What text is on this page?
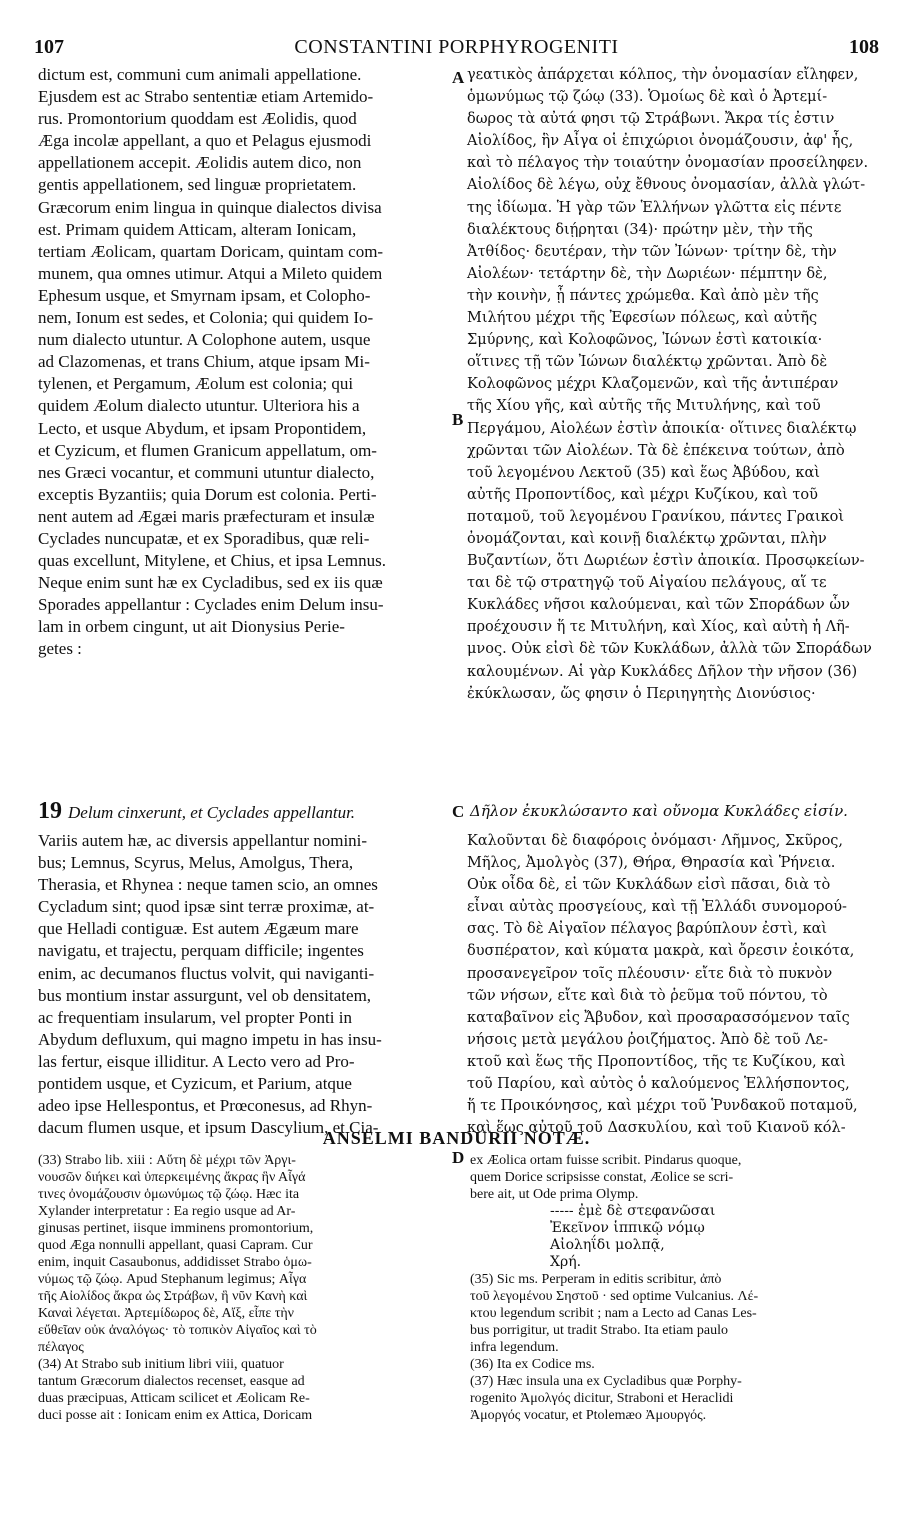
107	CONSTANTINI PORPHYROGENITI	108
A
B
C
D

dictum est, communi cum animali appellatione.

Ejusdem est ac Strabo sententiæ etiam Artemido-

rus. Promontorium quoddam est Æolidis, quod

Æga incolæ appellant, a quo et Pelagus ejusmodi

appellationem accepit. Æolidis autem dico, non

gentis appellationem, sed linguæ proprietatem.

Græcorum enim lingua in quinque dialectos divisa

est. Primam quidem Atticam, alteram Ionicam,

tertiam Æolicam, quartam Doricam, quintam com-

munem, qua omnes utimur. Atqui a Mileto quidem

Ephesum usque, et Smyrnam ipsam, et Colopho-

nem, Ionum est sedes, et Colonia; qui quidem Io-

num dialecto utuntur. A Colophone autem, usque

ad Clazomenas, et trans Chium, atque ipsam Mi-

tylenen, et Pergamum, Æolum est colonia; qui

quidem Æolum dialecto utuntur. Ulteriora his a

Lecto, et usque Abydum, et ipsam Propontidem,

et Cyzicum, et flumen Granicum appellatum, om-

nes Græci vocantur, et communi utuntur dialecto,

exceptis Byzantiis; quia Dorum est colonia. Perti-

nent autem ad Ægæi maris præfecturam et insulæ

Cyclades nuncupatæ, et ex Sporadibus, quæ reli-

quas excellunt, Mitylene, et Chius, et ipsa Lemnus.

Neque enim sunt hæ ex Cycladibus, sed ex iis quæ

Sporades appellantur : Cyclades enim Delum insu-

lam in orbem cingunt, ut ait Dionysius Perie-

getes :

γεατικὸς ἀπάρχεται κόλπος, τὴν ὀνομασίαν εἴληφεν,

ὁμωνύμως τῷ ζώῳ (33). Ὁμοίως δὲ καὶ ὁ Ἀρτεμί-

δωρος τὰ αὐτά φησι τῷ Στράβωνι. Ἄκρα τίς ἐστιν

Αἰολίδος, ἣν Αἶγα οἱ ἐπιχώριοι ὀνομάζουσιν, ἀφ' ἧς,

καὶ τὸ πέλαγος τὴν τοιαύτην ὀνομασίαν προσείληφεν.

Αἰολίδος δὲ λέγω, οὐχ ἔθνους ὀνομασίαν, ἀλλὰ γλώτ-

της ἰδίωμα. Ἡ γὰρ τῶν Ἑλλήνων γλῶττα εἰς πέντε

διαλέκτους διῄρηται (34)· πρώτην μὲν, τὴν τῆς

Ἀτθίδος· δευτέραν, τὴν τῶν Ἰώνων· τρίτην δὲ, τὴν

Αἰολέων· τετάρτην δὲ, τὴν Δωριέων· πέμπτην δὲ,

τὴν κοινὴν, ᾗ πάντες χρώμεθα. Καὶ ἀπὸ μὲν τῆς

Μιλήτου μέχρι τῆς Ἐφεσίων πόλεως, καὶ αὐτῆς

Σμύρνης, καὶ Κολοφῶνος, Ἰώνων ἐστὶ κατοικία·

οἵτινες τῇ τῶν Ἰώνων διαλέκτῳ χρῶνται. Ἀπὸ δὲ

Κολοφῶνος μέχρι Κλαζομενῶν, καὶ τῆς ἀντιπέραν

τῆς Χίου γῆς, καὶ αὐτῆς τῆς Μιτυλήνης, καὶ τοῦ

Περγάμου, Αἰολέων ἐστὶν ἀποικία· οἵτινες διαλέκτῳ

χρῶνται τῶν Αἰολέων. Τὰ δὲ ἐπέκεινα τούτων, ἀπὸ

τοῦ λεγομένου Λεκτοῦ (35) καὶ ἕως Ἀβύδου, καὶ

αὐτῆς Προποντίδος, καὶ μέχρι Κυζίκου, καὶ τοῦ

ποταμοῦ, τοῦ λεγομένου Γρανίκου, πάντες Γραικοὶ

ὀνομάζονται, καὶ κοινῇ διαλέκτῳ χρῶνται, πλὴν

Βυζαντίων, ὅτι Δωριέων ἐστὶν ἀποικία. Προσῳκείων-

ται δὲ τῷ στρατηγῷ τοῦ Αἰγαίου πελάγους, αἵ τε

Κυκλάδες νῆσοι καλούμεναι, καὶ τῶν Σποράδων ὧν

προέχουσιν ἥ τε Μιτυλήνη, καὶ Χίος, καὶ αὐτὴ ἡ Λῆ-

μνος. Οὐκ εἰσὶ δὲ τῶν Κυκλάδων, ἀλλὰ τῶν Σποράδων

καλουμένων. Αἱ γὰρ Κυκλάδες Δῆλον τὴν νῆσον (36)

ἐκύκλωσαν, ὥς φησιν ὁ Περιηγητὴς Διονύσιος·

19 Delum cinxerunt, et Cyclades appellantur.	Δῆλον ἐκυκλώσαντο καὶ οὔνομα Κυκλάδες εἰσίν.

Variis autem hæ, ac diversis appellantur nomini-

bus; Lemnus, Scyrus, Melus, Amolgus, Thera,

Therasia, et Rhynea : neque tamen scio, an omnes

Cycladum sint; quod ipsæ sint terræ proximæ, at-

que Helladi contiguæ. Est autem Ægæum mare

navigatu, et trajectu, perquam difficile; ingentes

enim, ac decumanos fluctus volvit, qui naviganti-

bus montium instar assurgunt, vel ob densitatem,

ac frequentiam insularum, vel propter Ponti in

Abydum defluxum, qui magno impetu in has insu-

las fertur, eisque illiditur. A Lecto vero ad Pro-

pontidem usque, et Cyzicum, et Parium, atque

adeo ipse Hellespontus, et Prœconesus, ad Rhyn-

dacum flumen usque, et ipsum Dascylium, et Cia-

Καλοῦνται δὲ διαφόροις ὀνόμασι· Λῆμνος, Σκῦρος,

Μῆλος, Ἀμολγὸς (37), Θήρα, Θηρασία καὶ Ῥήνεια.

Οὐκ οἶδα δὲ, εἰ τῶν Κυκλάδων εἰσὶ πᾶσαι, διὰ τὸ

εἶναι αὐτὰς προσγείους, καὶ τῇ Ἑλλάδι συνομορού-

σας. Τὸ δὲ Αἰγαῖον πέλαγος βαρύπλουν ἐστὶ, καὶ

δυσπέρατον, καὶ κύματα μακρὰ, καὶ ὄρεσιν ἐοικότα,

προσανεγεῖρον τοῖς πλέουσιν· εἴτε διὰ τὸ πυκνὸν

τῶν νήσων, εἴτε καὶ διὰ τὸ ῥεῦμα τοῦ πόντου, τὸ

καταβαῖνον εἰς Ἄβυδον, καὶ προσαρασσόμενον ταῖς

νήσοις μετὰ μεγάλου ῥοιζήματος. Ἀπὸ δὲ τοῦ Λε-

κτοῦ καὶ ἕως τῆς Προποντίδος, τῆς τε Κυζίκου, καὶ

τοῦ Παρίου, καὶ αὐτὸς ὁ καλούμενος Ἑλλήσποντος,

ἥ τε Προικόνησος, καὶ μέχρι τοῦ Ῥυνδακοῦ ποταμοῦ,

καὶ ἕως αὐτοῦ τοῦ Δασκυλίου, καὶ τοῦ Κιανοῦ κόλ-

ANSELMI BANDURII NOTÆ.

(33) Strabo lib. xiii : Αὕτη δὲ μέχρι τῶν Ἀργι-

νουσῶν διήκει καὶ ὑπερκειμένης ἄκρας ἣν Αἶγά

τινες ὀνομάζουσιν ὁμωνύμως τῷ ζώῳ. Hæc ita

Xylander interpretatur : Ea regio usque ad Ar-

ginusas pertinet, iisque imminens promontorium,

quod Æga nonnulli appellant, quasi Capram. Cur

enim, inquit Casaubonus, addidisset Strabo ὁμω-

νύμως τῷ ζώῳ. Apud Stephanum legimus; Αἶγα

τῆς Αἰολίδος ἄκρα ὡς Στράβων, ἣ νῦν Κανὴ καὶ

Καναὶ λέγεται. Ἀρτεμίδωρος δὲ, Αἴξ, εἶπε τὴν

εὔθεῖαν οὐκ ἀναλόγως· τὸ τοπικὸν Αἰγαῖος καὶ τὸ

πέλαγος

(34) At Strabo sub initium libri viii, quatuor

tantum Græcorum dialectos recenset, easque ad

duas præcipuas, Atticam scilicet et Æolicam Re-

duci posse ait : Ionicam enim ex Attica, Doricam

ex Æolica ortam fuisse scribit. Pindarus quoque,

quem Dorice scripsisse constat, Æolice se scri-

bere ait, ut Ode prima Olymp.

----- ἐμὲ δὲ στεφανῶσαι

Ἐκεῖνον ἱππικῷ νόμῳ

Αἰοληΐδι μολπᾷ,

Χρή.

(35) Sic ms. Perperam in editis scribitur, ἀπὸ

τοῦ λεγομένου Σηστοῦ · sed optime Vulcanius. Λέ-

κτου legendum scribit ; nam a Lecto ad Canas Les-

bus porrigitur, ut tradit Strabo. Ita etiam paulo

infra legendum.

(36) Ita ex Codice ms.

(37) Hæc insula una ex Cycladibus quæ Porphy-

rogenito Ἀμολγός dicitur, Straboni et Heraclidi

Ἀμοργός vocatur, et Ptolemæo Ἀμουργός.
